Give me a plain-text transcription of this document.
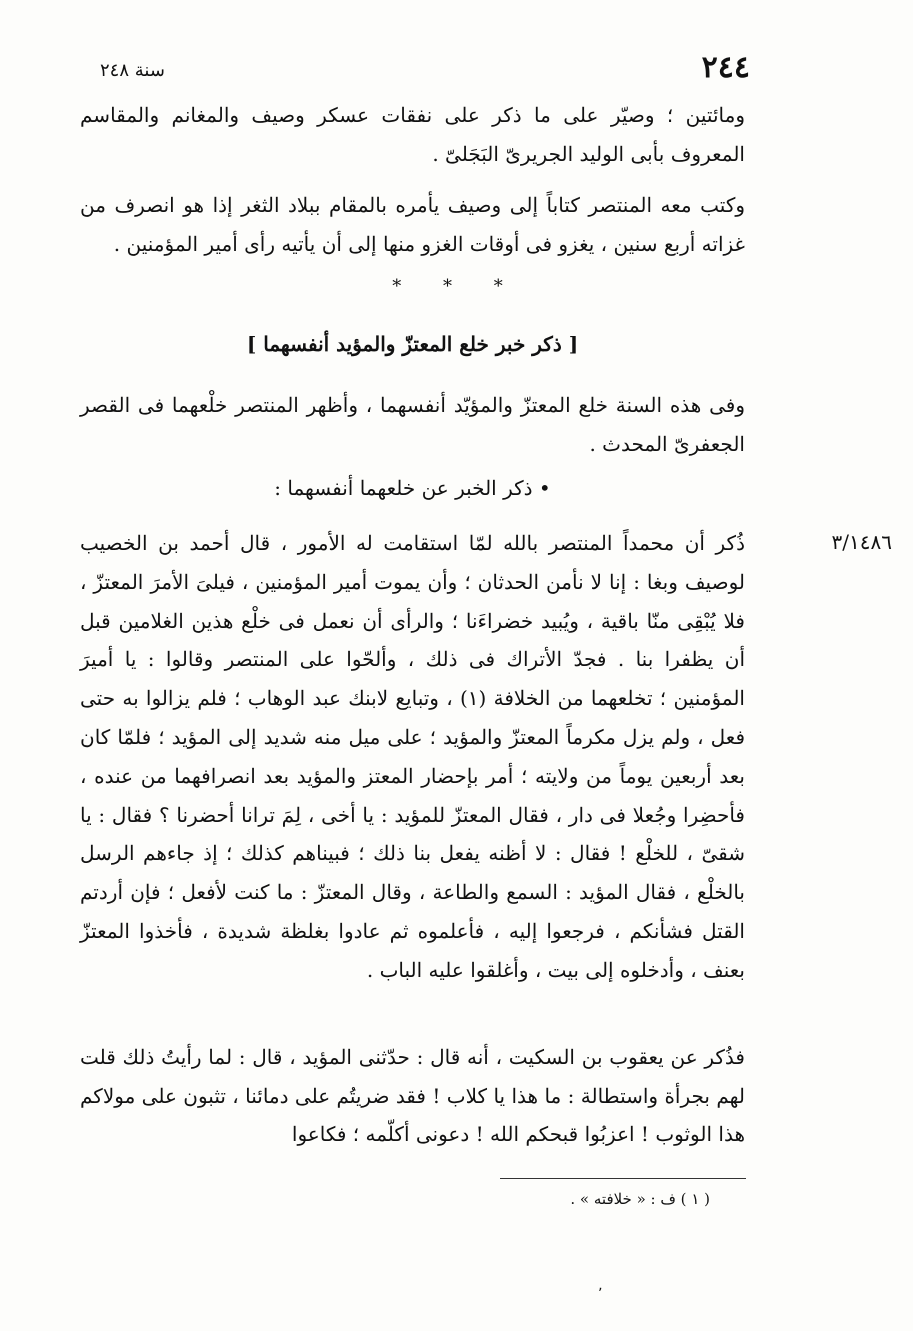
٢٤٤
سنة ٢٤٨

ومائتين ؛ وصيّر على ما ذكر على نفقات عسكر وصيف والمغانم والمقاسم المعروف بأبى الوليد الجريرىّ البَجَلىّ .

وكتب معه المنتصر كتاباً إلى وصيف يأمره بالمقام ببلاد الثغر إذا هو انصرف من غزاته أربع سنين ، يغزو فى أوقات الغزو منها إلى أن يأتيه رأى أمير المؤمنين .

* * *
[ ذكر خبر خلع المعتزّ والمؤيد أنفسهما ]

وفى هذه السنة خلع المعتزّ والمؤيّد أنفسهما ، وأظهر المنتصر خلْعهما فى القصر الجعفرىّ المحدث .

• ذكر الخبر عن خلعهما أنفسهما :
٣/١٤٨٦

ذُكر أن محمداً المنتصر بالله لمّا استقامت له الأمور ، قال أحمد بن الخصيب لوصيف وبغا : إنا لا نأمن الحدثان ؛ وأن يموت أمير المؤمنين ، فيلىَ الأمرَ المعتزّ ، فلا يُبْقِى منّا باقية ، ويُبيد خضراءَنا ؛ والرأى أن نعمل فى خلْع هذين الغلامين قبل أن يظفرا بنا . فجدّ الأتراك فى ذلك ، وألحّوا على المنتصر وقالوا : يا أميرَ المؤمنين ؛ تخلعهما من الخلافة (١) ، وتبايع لابنك عبد الوهاب ؛ فلم يزالوا به حتى فعل ، ولم يزل مكرماً المعتزّ والمؤيد ؛ على ميل منه شديد إلى المؤيد ؛ فلمّا كان بعد أربعين يوماً من ولايته ؛ أمر بإحضار المعتز والمؤيد بعد انصرافهما من عنده ، فأحضِرا وجُعلا فى دار ، فقال المعتزّ للمؤيد : يا أخى ، لِمَ ترانا أحضرنا ؟ فقال : يا شقىّ ، للخلْع ! فقال : لا أظنه يفعل بنا ذلك ؛ فبيناهم كذلك ؛ إذ جاءهم الرسل بالخلْع ، فقال المؤيد : السمع والطاعة ، وقال المعتزّ : ما كنت لأفعل ؛ فإن أردتم القتل فشأنكم ، فرجعوا إليه ، فأعلموه ثم عادوا بغلظة شديدة ، فأخذوا المعتزّ بعنف ، وأدخلوه إلى بيت ، وأغلقوا عليه الباب .

فذُكر عن يعقوب بن السكيت ، أنه قال : حدّثنى المؤيد ، قال : لما رأيتُ ذلك قلت لهم بجرأة واستطالة : ما هذا يا كلاب ! فقد ضريتُم على دمائنا ، تثبون على مولاكم هذا الوثوب ! اعزبُوا قبحكم الله ! دعونى أكلّمه ؛ فكاعوا

( ١ ) ف : « خلافته » .
٬
